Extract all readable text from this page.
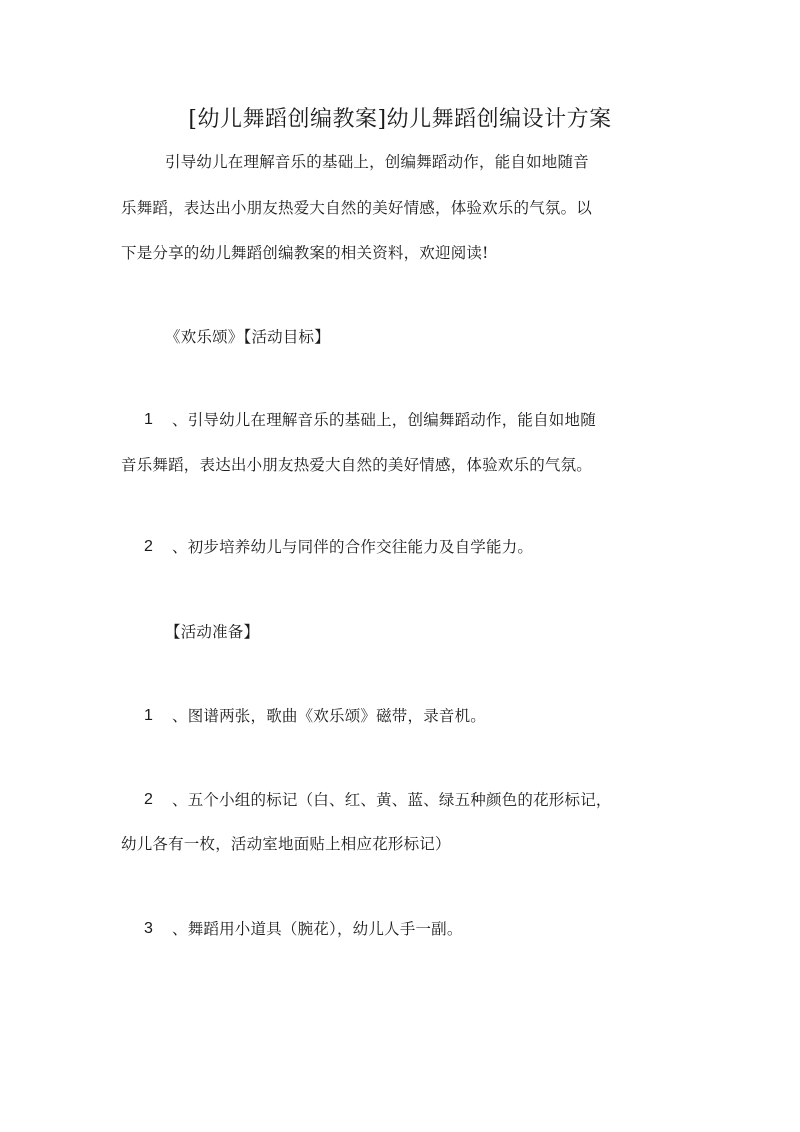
[幼儿舞蹈创编教案]幼儿舞蹈创编设计方案
引导幼儿在理解音乐的基础上，创编舞蹈动作，能自如地随音
乐舞蹈，表达出小朋友热爱大自然的美好情感，体验欢乐的气氛。以
下是分享的幼儿舞蹈创编教案的相关资料，欢迎阅读!
《欢乐颂》【活动目标】
1 、引导幼儿在理解音乐的基础上，创编舞蹈动作，能自如地随
音乐舞蹈，表达出小朋友热爱大自然的美好情感，体验欢乐的气氛。
2 、初步培养幼儿与同伴的合作交往能力及自学能力。
【活动准备】
1 、图谱两张，歌曲《欢乐颂》磁带，录音机。
2 、五个小组的标记（白、红、黄、蓝、绿五种颜色的花形标记，
幼儿各有一枚，活动室地面贴上相应花形标记）
3 、舞蹈用小道具（腕花），幼儿人手一副。
